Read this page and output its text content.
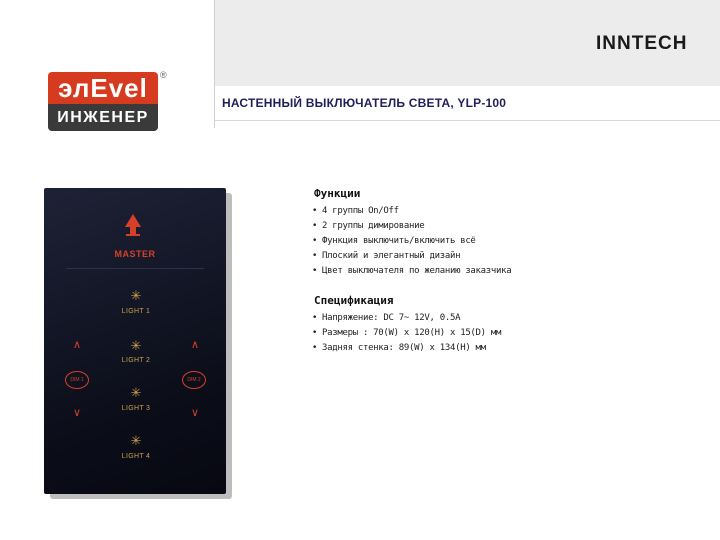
INNTECH
НАСТЕННЫЙ ВЫКЛЮЧАТЕЛЬ СВЕТА, YLP-100
элEvel
ИНЖЕНЕР
®
MASTER
✳
LIGHT 1
✳
LIGHT 2
✳
LIGHT 3
✳
LIGHT 4
∧
DIM 1
∨
∧
DIM 2
∨
Функции
• 4 группы On/Off
• 2 группы димирование
• Функция выключить/включить всё
• Плоский и элегантный дизайн
• Цвет выключателя по желанию заказчика
Спецификация
• Напряжение: DC 7~ 12V, 0.5A
• Размеры : 70(W) x 120(H) x 15(D) мм
• Задняя стенка: 89(W) x 134(H) мм
